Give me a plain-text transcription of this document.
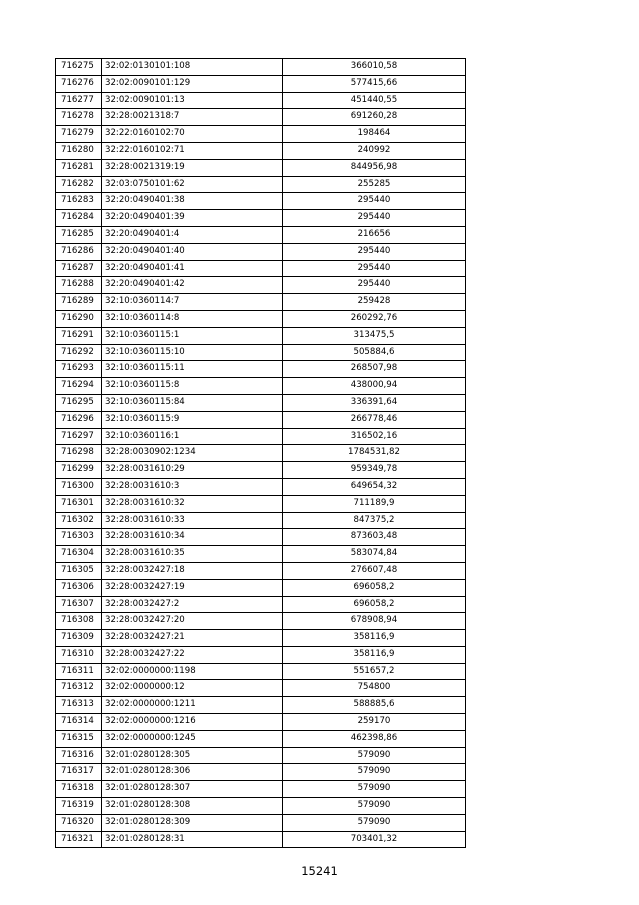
716275	32:02:0130101:108	366010,58
716276	32:02:0090101:129	577415,66
716277	32:02:0090101:13	451440,55
716278	32:28:0021318:7	691260,28
716279	32:22:0160102:70	198464
716280	32:22:0160102:71	240992
716281	32:28:0021319:19	844956,98
716282	32:03:0750101:62	255285
716283	32:20:0490401:38	295440
716284	32:20:0490401:39	295440
716285	32:20:0490401:4	216656
716286	32:20:0490401:40	295440
716287	32:20:0490401:41	295440
716288	32:20:0490401:42	295440
716289	32:10:0360114:7	259428
716290	32:10:0360114:8	260292,76
716291	32:10:0360115:1	313475,5
716292	32:10:0360115:10	505884,6
716293	32:10:0360115:11	268507,98
716294	32:10:0360115:8	438000,94
716295	32:10:0360115:84	336391,64
716296	32:10:0360115:9	266778,46
716297	32:10:0360116:1	316502,16
716298	32:28:0030902:1234	1784531,82
716299	32:28:0031610:29	959349,78
716300	32:28:0031610:3	649654,32
716301	32:28:0031610:32	711189,9
716302	32:28:0031610:33	847375,2
716303	32:28:0031610:34	873603,48
716304	32:28:0031610:35	583074,84
716305	32:28:0032427:18	276607,48
716306	32:28:0032427:19	696058,2
716307	32:28:0032427:2	696058,2
716308	32:28:0032427:20	678908,94
716309	32:28:0032427:21	358116,9
716310	32:28:0032427:22	358116,9
716311	32:02:0000000:1198	551657,2
716312	32:02:0000000:12	754800
716313	32:02:0000000:1211	588885,6
716314	32:02:0000000:1216	259170
716315	32:02:0000000:1245	462398,86
716316	32:01:0280128:305	579090
716317	32:01:0280128:306	579090
716318	32:01:0280128:307	579090
716319	32:01:0280128:308	579090
716320	32:01:0280128:309	579090
716321	32:01:0280128:31	703401,32
15241
